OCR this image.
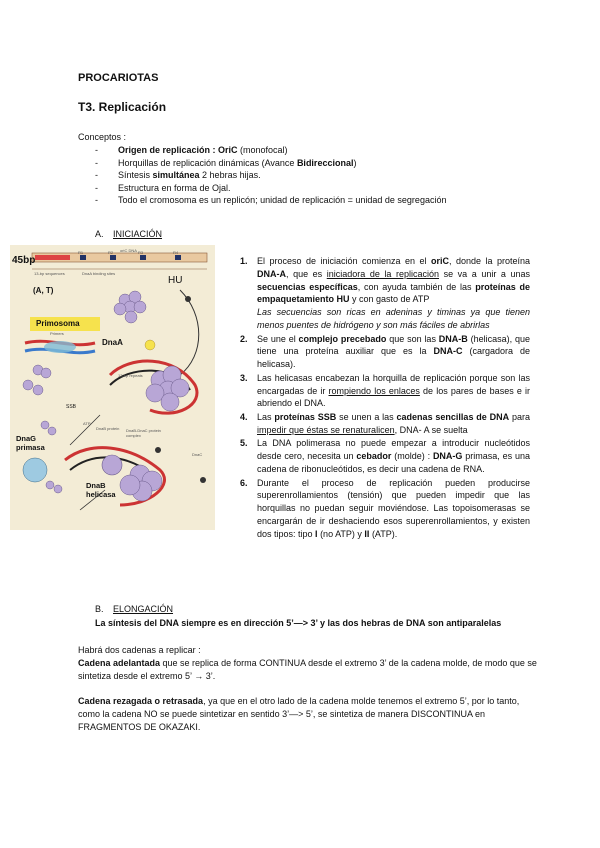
PROCARIOTAS
T3. Replicación
Conceptos :
- Origen de replicación : OriC (monofocal)
- Horquillas de replicación dinámicas (Avance Bidireccional)
- Síntesis simultánea 2 hebras hijas.
- Estructura en forma de Ojal.
- Todo el cromosoma es un replicón; unidad de replicación = unidad de segregación
A. INICIACIÓN
45bp
(A, T)
HU
Primosoma
DnaA
DnaG
primasa
DnaB
helicasa
SSB
oriC DNA
R1	R2	R3	R4
13-bp sequences	DnaA binding sites
Primers
13-bp repeats
ATP
DnaB protein DnaB-DnaC protein complex
DnaC
1. El proceso de iniciación comienza en el oriC, donde la proteína DNA-A, que es iniciadora de la replicación se va a unir a unas secuencias específicas, con ayuda también de las proteínas de empaquetamiento HU y con gasto de ATP
Las secuencias son ricas en adeninas y timinas ya que tienen menos puentes de hidrógeno y son más fáciles de abrirlas
2. Se une el complejo precebado que son las DNA-B (helicasa), que tiene una proteína auxiliar que es la DNA-C (cargadora de helicasa).
3. Las helicasas encabezan la horquilla de replicación porque son las encargadas de ir rompiendo los enlaces de los pares de bases e ir abriendo el DNA.
4. Las proteínas SSB se unen a las cadenas sencillas de DNA para impedir que éstas se renaturalicen, DNA- A se suelta
5. La DNA polimerasa no puede empezar a introducir nucleótidos desde cero, necesita un cebador (molde) : DNA-G primasa, es una cadena de ribonucleótidos, es decir una cadena de RNA.
6. Durante el proceso de replicación pueden producirse superenrollamientos (tensión) que pueden impedir que las horquillas no puedan seguir moviéndose. Las topoisomerasas se encargarán de ir deshaciendo esos superenrollamientos, y existen dos tipos: tipo I (no ATP) y II (ATP).
B. ELONGACIÓN
La síntesis del DNA siempre es en dirección 5’—> 3’ y las dos hebras de DNA son antiparalelas
Habrá dos cadenas a replicar :
Cadena adelantada que se replica de forma CONTINUA desde el extremo 3’ de la cadena molde, de modo que se sintetiza desde el extremo 5’ → 3’.
Cadena rezagada o retrasada, ya que en el otro lado de la cadena molde tenemos el extremo 5’, por lo tanto, como la cadena NO se puede sintetizar en sentido 3’—> 5’, se sintetiza de manera DISCONTINUA en FRAGMENTOS DE OKAZAKI.
